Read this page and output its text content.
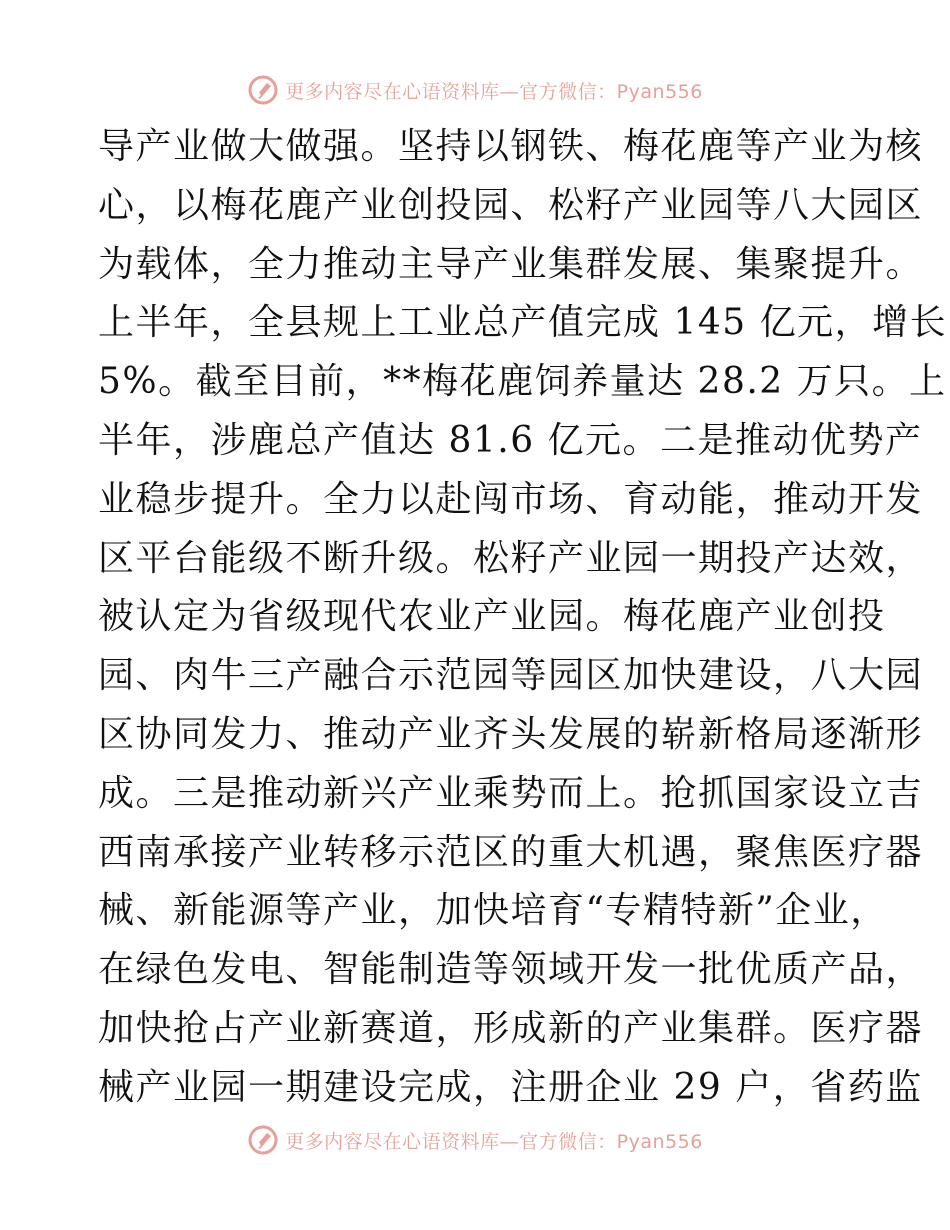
更多内容尽在心语资料库— 官方微信：Pyan556
导产业做大做强。坚持以钢铁、梅花鹿等产业为核
心，以梅花鹿产业创投园、松籽产业园等八大园区
为载体，全力推动主导产业集群发展、集聚提升。
上半年，全县规上工业总产值完成 145 亿元，增长
5%。截至目前，**梅花鹿饲养量达 28.2 万只。上
半年，涉鹿总产值达 81.6 亿元。二是推动优势产
业稳步提升。全力以赴闯市场、育动能，推动开发
区平台能级不断升级。松籽产业园一期投产达效，
被认定为省级现代农业产业园。梅花鹿产业创投
园、肉牛三产融合示范园等园区加快建设，八大园
区协同发力、推动产业齐头发展的崭新格局逐渐形
成。三是推动新兴产业乘势而上。抢抓国家设立吉
西南承接产业转移示范区的重大机遇，聚焦医疗器
械、新能源等产业，加快培育“专精特新”企业，
在绿色发电、智能制造等领域开发一批优质产品，
加快抢占产业新赛道，形成新的产业集群。医疗器
械产业园一期建设完成，注册企业 29 户，省药监
更多内容尽在心语资料库— 官方微信：Pyan556
